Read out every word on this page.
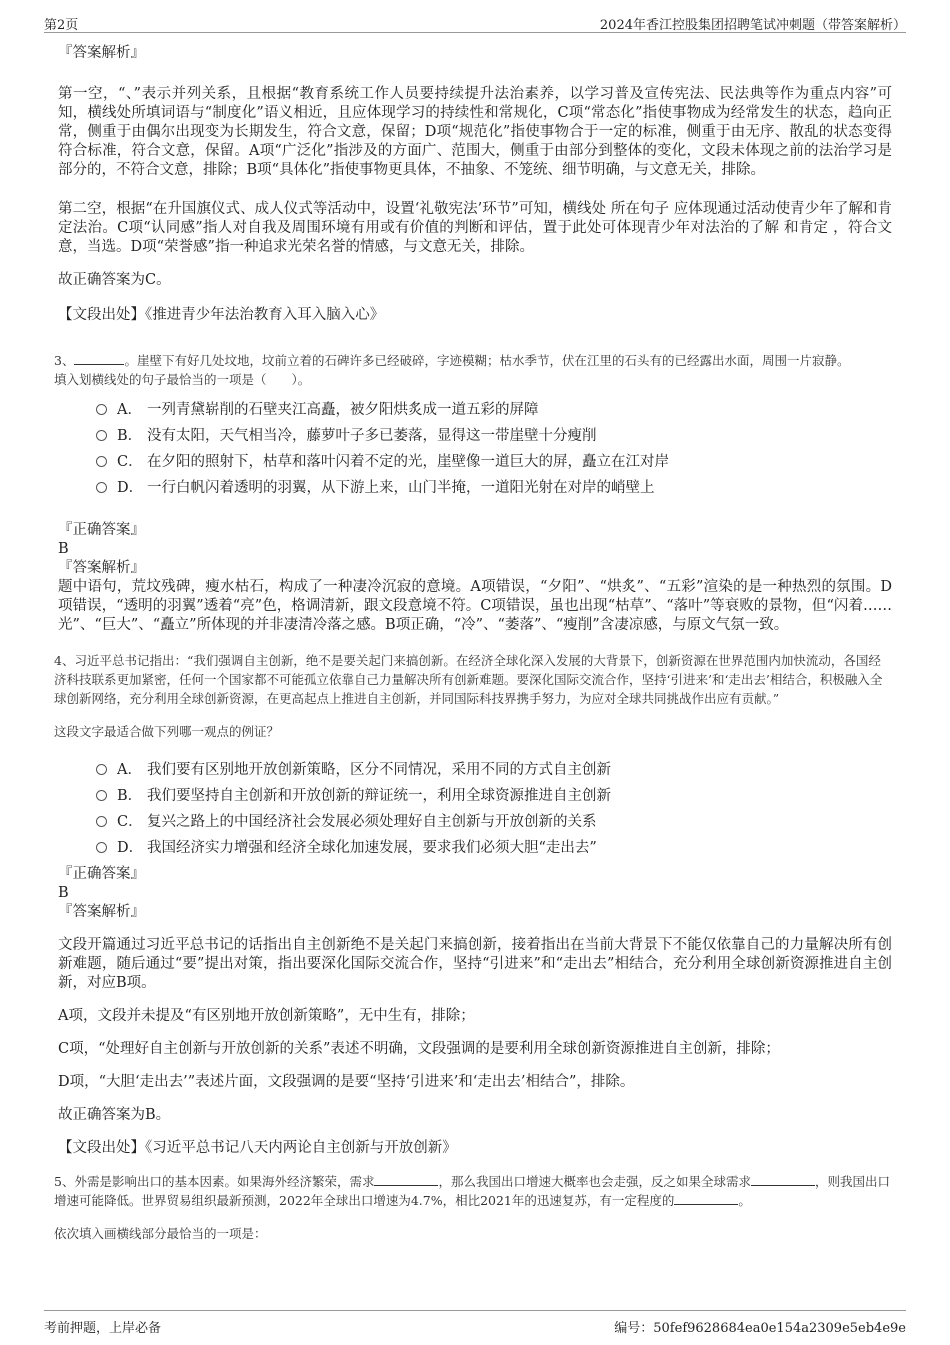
第2页	2024年香江控股集团招聘笔试冲刺题（带答案解析）

『答案解析』

第一空，“、”表示并列关系，且根据“教育系统工作人员要持续提升法治素养，以学习普及宣传宪法、民法典等作为重点内容”可知，横线处所填词语与“制度化”语义相近，且应体现学习的持续性和常规化，C项“常态化”指使事物成为经常发生的状态，趋向正常，侧重于由偶尔出现变为长期发生，符合文意，保留；D项“规范化”指使事物合于一定的标准，侧重于由无序、散乱的状态变得符合标准，符合文意，保留。A项“广泛化”指涉及的方面广、范围大，侧重于由部分到整体的变化，文段未体现之前的法治学习是部分的，不符合文意，排除；B项“具体化”指使事物更具体，不抽象、不笼统、细节明确，与文意无关，排除。

第二空，根据“在升国旗仪式、成人仪式等活动中，设置‘礼敬宪法’环节”可知，横线处 所在句子 应体现通过活动使青少年了解和肯定法治。C项“认同感”指人对自我及周围环境有用或有价值的判断和评估，置于此处可体现青少年对法治的了解 和肯定 ，符合文意，当选。D项“荣誉感”指一种追求光荣名誉的情感，与文意无关，排除。

故正确答案为C。

【文段出处】《推进青少年法治教育入耳入脑入心》

3、	。崖壁下有好几处坟地，坟前立着的石碑许多已经破碎，字迹模糊；枯水季节，伏在江里的石头有的已经露出水面，周围一片寂静。

填入划横线处的句子最恰当的一项是（　　）。

A． 一列青黛崭削的石壁夹江高矗，被夕阳烘炙成一道五彩的屏障
B． 没有太阳，天气相当冷，藤萝叶子多已萎落，显得这一带崖壁十分瘦削
C． 在夕阳的照射下，枯草和落叶闪着不定的光，崖壁像一道巨大的屏，矗立在江对岸
D． 一行白帆闪着透明的羽翼，从下游上来，山门半掩，一道阳光射在对岸的峭壁上

『正确答案』

B

『答案解析』

题中语句，荒坟残碑，瘦水枯石，构成了一种凄冷沉寂的意境。A项错误，“夕阳”、“烘炙”、“五彩”渲染的是一种热烈的氛围。D项错误，“透明的羽翼”透着“亮”色，格调清新，跟文段意境不符。C项错误，虽也出现“枯草”、“落叶”等衰败的景物，但“闪着……光”、“巨大”、“矗立”所体现的并非凄清冷落之感。B项正确，“冷”、“萎落”、“瘦削”含凄凉感，与原文气氛一致。

4、习近平总书记指出：“我们强调自主创新，绝不是要关起门来搞创新。在经济全球化深入发展的大背景下，创新资源在世界范围内加快流动，各国经济科技联系更加紧密，任何一个国家都不可能孤立依靠自己力量解决所有创新难题。要深化国际交流合作，坚持‘引进来’和‘走出去’相结合，积极融入全球创新网络，充分利用全球创新资源，在更高起点上推进自主创新，并同国际科技界携手努力，为应对全球共同挑战作出应有贡献。”

这段文字最适合做下列哪一观点的例证？

A． 我们要有区别地开放创新策略，区分不同情况，采用不同的方式自主创新
B． 我们要坚持自主创新和开放创新的辩证统一，利用全球资源推进自主创新
C． 复兴之路上的中国经济社会发展必须处理好自主创新与开放创新的关系
D． 我国经济实力增强和经济全球化加速发展，要求我们必须大胆“走出去”

『正确答案』

B

『答案解析』

文段开篇通过习近平总书记的话指出自主创新绝不是关起门来搞创新，接着指出在当前大背景下不能仅依靠自己的力量解决所有创新难题，随后通过“要”提出对策，指出要深化国际交流合作，坚持“引进来”和“走出去”相结合，充分利用全球创新资源推进自主创新，对应B项。

A项，文段并未提及“有区别地开放创新策略”，无中生有，排除；

C项，“处理好自主创新与开放创新的关系”表述不明确，文段强调的是要利用全球创新资源推进自主创新，排除；

D项，“大胆‘走出去’”表述片面，文段强调的是要“坚持‘引进来’和‘走出去’相结合”，排除。

故正确答案为B。

【文段出处】《习近平总书记八天内两论自主创新与开放创新》

5、外需是影响出口的基本因素。如果海外经济繁荣，需求	，那么我国出口增速大概率也会走强，反之如果全球需求	，则我国出口增速可能降低。世界贸易组织最新预测，2022年全球出口增速为4.7%，相比2021年的迅速复苏，有一定程度的	。

依次填入画横线部分最恰当的一项是：

考前押题，上岸必备	编号：50fef9628684ea0e154a2309e5eb4e9e
